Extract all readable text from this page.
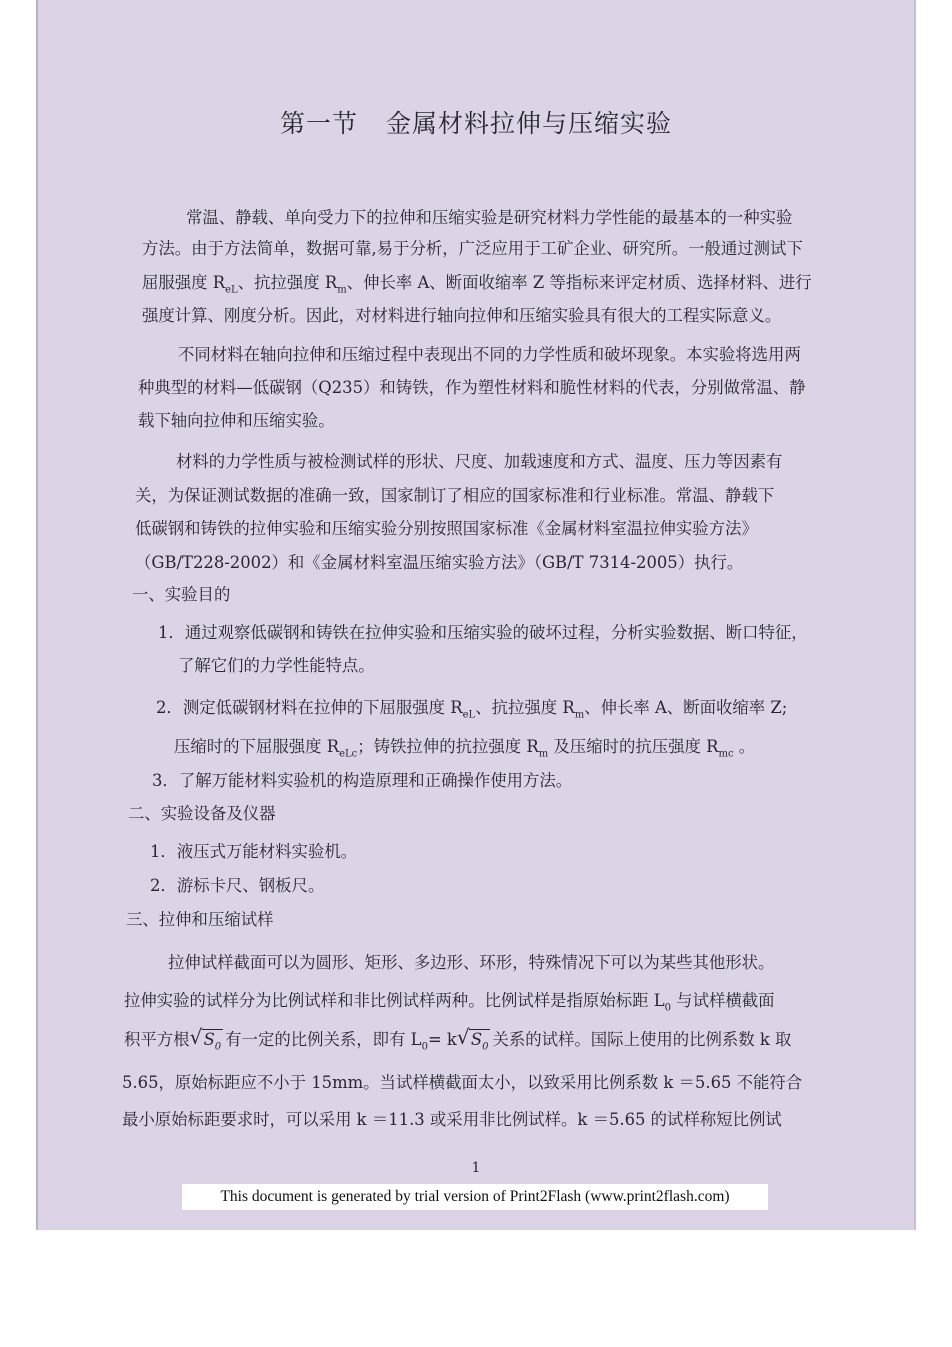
第一节 金属材料拉伸与压缩实验
常温、静载、单向受力下的拉伸和压缩实验是研究材料力学性能的最基本的一种实验
方法。由于方法简单，数据可靠,易于分析，广泛应用于工矿企业、研究所。一般通过测试下
屈服强度 $R_{eL}$、抗拉强度 $R_m$、伸长率 A、断面收缩率 Z 等指标来评定材质、选择材料、进行
强度计算、刚度分析。因此，对材料进行轴向拉伸和压缩实验具有很大的工程实际意义。
不同材料在轴向拉伸和压缩过程中表现出不同的力学性质和破坏现象。本实验将选用两
种典型的材料—低碳钢（Q235）和铸铁，作为塑性材料和脆性材料的代表，分别做常温、静
载下轴向拉伸和压缩实验。
材料的力学性质与被检测试样的形状、尺度、加载速度和方式、温度、压力等因素有
关，为保证测试数据的准确一致，国家制订了相应的国家标准和行业标准。常温、静载下
低碳钢和铸铁的拉伸实验和压缩实验分别按照国家标准《金属材料室温拉伸实验方法》
（GB/T228-2002）和《金属材料室温压缩实验方法》（GB/T 7314-2005）执行。
一、实验目的
1．通过观察低碳钢和铸铁在拉伸实验和压缩实验的破坏过程，分析实验数据、断口特征，
了解它们的力学性能特点。
2．测定低碳钢材料在拉伸的下屈服强度 $R_{eL}$、抗拉强度 $R_m$、伸长率 A、断面收缩率 Z;
压缩时的下屈服强度 $R_{eLc}$；铸铁拉伸的抗拉强度 $R_m$ 及压缩时的抗压强度 $R_{mc}$ 。
3．了解万能材料实验机的构造原理和正确操作使用方法。
二、实验设备及仪器
1．液压式万能材料实验机。
2．游标卡尺、钢板尺。
三、拉伸和压缩试样
拉伸试样截面可以为圆形、矩形、多边形、环形，特殊情况下可以为某些其他形状。
拉伸实验的试样分为比例试样和非比例试样两种。比例试样是指原始标距 $L_0$ 与试样横截面
积平方根√ $S_0$ 有一定的比例关系，即有 $L_0= k√$ $S_0$ 关系的试样。国际上使用的比例系数 k 取
5.65，原始标距应不小于 15mm。当试样横截面太小，以致采用比例系数 k ＝5.65 不能符合
最小原始标距要求时，可以采用 k ＝11.3 或采用非比例试样。k ＝5.65 的试样称短比例试
1
This document is generated by trial version of Print2Flash (www.print2flash.com)
